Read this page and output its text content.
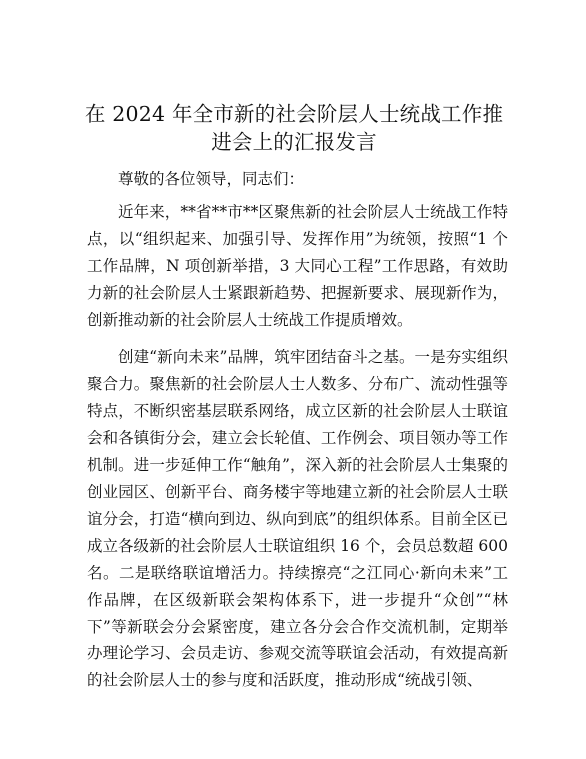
在 2024 年全市新的社会阶层人士统战工作推进会上的汇报发言

尊敬的各位领导，同志们：

近年来，**省**市**区聚焦新的社会阶层人士统战工作特点，以“组织起来、加强引导、发挥作用”为统领，按照“1 个工作品牌，N 项创新举措，3 大同心工程”工作思路，有效助力新的社会阶层人士紧跟新趋势、把握新要求、展现新作为，创新推动新的社会阶层人士统战工作提质增效。

创建“新向未来”品牌，筑牢团结奋斗之基。一是夯实组织聚合力。聚焦新的社会阶层人士人数多、分布广、流动性强等特点，不断织密基层联系网络，成立区新的社会阶层人士联谊会和各镇街分会，建立会长轮值、工作例会、项目领办等工作机制。进一步延伸工作“触角”，深入新的社会阶层人士集聚的创业园区、创新平台、商务楼宇等地建立新的社会阶层人士联谊分会，打造“横向到边、纵向到底”的组织体系。目前全区已成立各级新的社会阶层人士联谊组织 16 个，会员总数超 600 名。二是联络联谊增活力。持续擦亮“之江同心·新向未来”工作品牌，在区级新联会架构体系下，进一步提升“众创”“林下”等新联会分会紧密度，建立各分会合作交流机制，定期举办理论学习、会员走访、参观交流等联谊会活动，有效提高新的社会阶层人士的参与度和活跃度，推动形成“统战引领、
